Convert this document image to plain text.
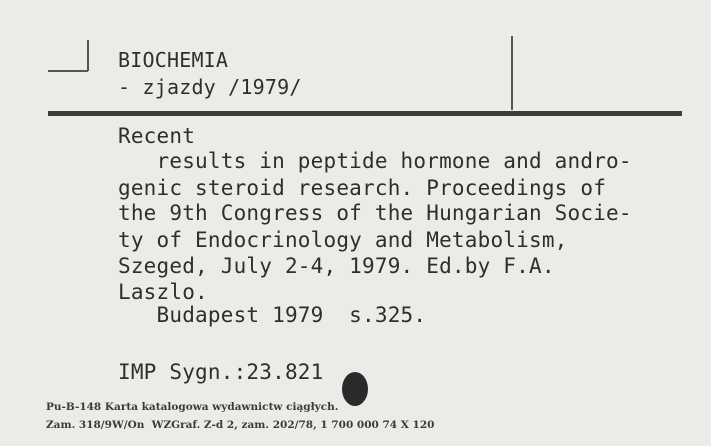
BIOCHEMIA
- zjazdy /1979/
Recent
results in peptide hormone and andro-
genic steroid research. Proceedings of
the 9th Congress of the Hungarian Socie-
ty of Endocrinology and Metabolism,
Szeged, July 2-4, 1979. Ed.by F.A.
Laszlo.
Budapest 1979  s.325.
IMP Sygn.:23.821
Pu-B-148 Karta katalogowa wydawnictw ciągłych.
Zam. 318/9W/On  WZGraf. Z-d 2, zam. 202/78, 1 700 000 74 X 120
